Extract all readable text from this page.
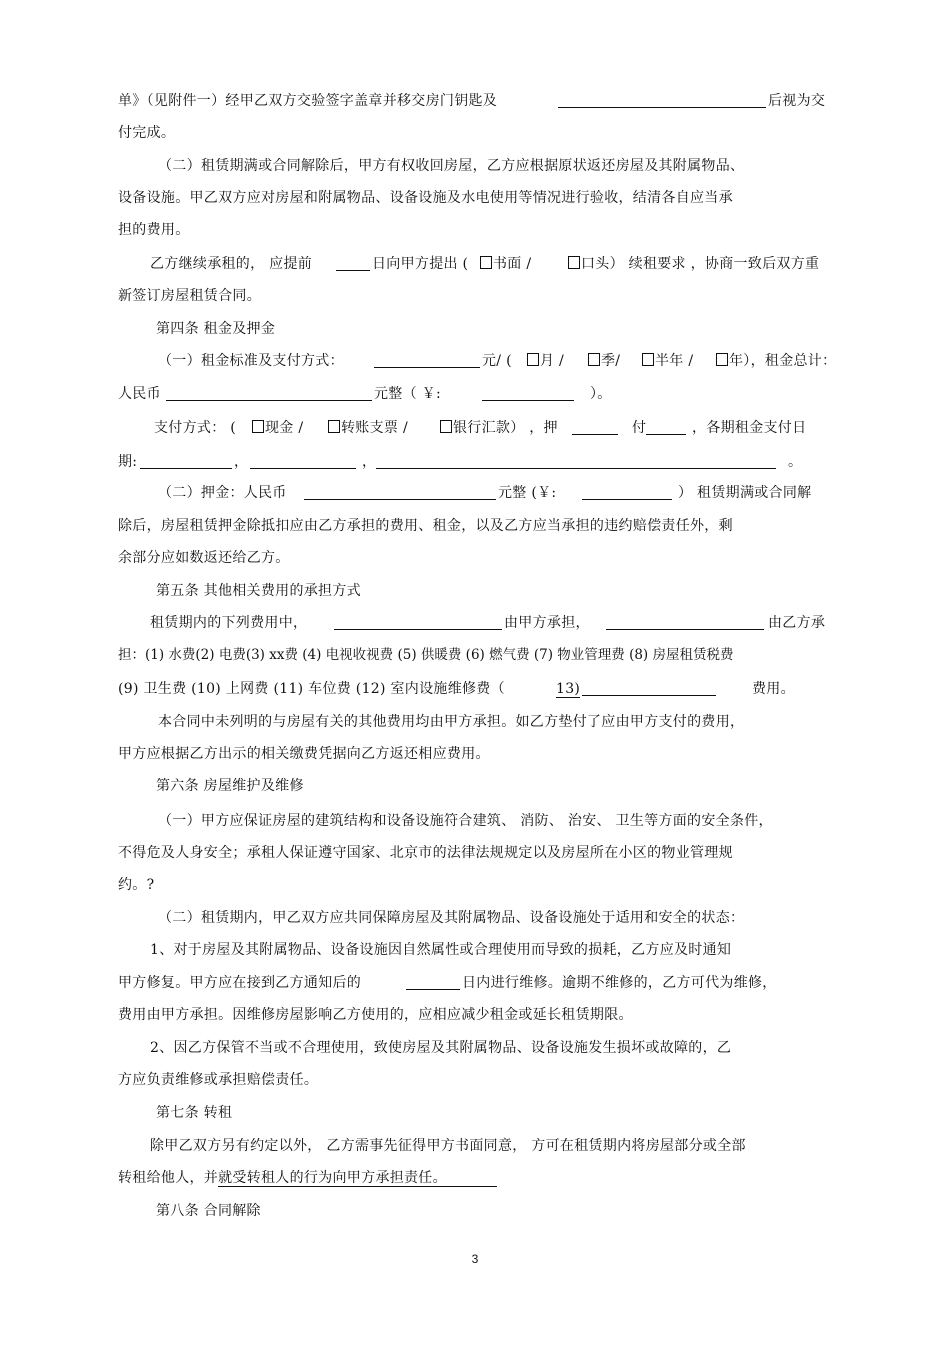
单》（见附件一）经甲乙双方交验签字盖章并移交房门钥匙及	后视为交
付完成。
（二）租赁期满或合同解除后，甲方有权收回房屋，乙方应根据原状返还房屋及其附属物品、
设备设施。甲乙双方应对房屋和附属物品、设备设施及水电使用等情况进行验收，结清各自应当承
担的费用。
乙方继续承租的， 应提前	日向甲方提出 (	书面 /	口头） 续租要求 ，协商一致后双方重
新签订房屋租赁合同。
第四条 租金及押金
（一）租金标准及支付方式：	元/ (	月 /	季/	半年 /	年），租金总计：
人民币	元整（ ￥:	）。
支付方式： (	现金 /	转账支票 /	银行汇款） ，押	付	，各期租金支付日
期:	，	，	。
（二）押金：人民币	元整 (￥:	） 租赁期满或合同解
除后，房屋租赁押金除抵扣应由乙方承担的费用、租金，以及乙方应当承担的违约赔偿责任外，剩
余部分应如数返还给乙方。
第五条 其他相关费用的承担方式
租赁期内的下列费用中，	由甲方承担，	由乙方承
担：(1) 水费(2) 电费(3) xx费 (4) 电视收视费 (5) 供暖费 (6) 燃气费 (7) 物业管理费 (8) 房屋租赁税费
(9) 卫生费 (10) 上网费 (11) 车位费 (12) 室内设施维修费（	13)	费用。
本合同中未列明的与房屋有关的其他费用均由甲方承担。如乙方垫付了应由甲方支付的费用，
甲方应根据乙方出示的相关缴费凭据向乙方返还相应费用。
第六条 房屋维护及维修
（一）甲方应保证房屋的建筑结构和设备设施符合建筑、 消防、 治安、 卫生等方面的安全条件，
不得危及人身安全；承租人保证遵守国家、北京市的法律法规规定以及房屋所在小区的物业管理规
约。?
（二）租赁期内，甲乙双方应共同保障房屋及其附属物品、设备设施处于适用和安全的状态：
1、对于房屋及其附属物品、设备设施因自然属性或合理使用而导致的损耗，乙方应及时通知
甲方修复。甲方应在接到乙方通知后的	日内进行维修。逾期不维修的，乙方可代为维修，
费用由甲方承担。因维修房屋影响乙方使用的，应相应减少租金或延长租赁期限。
2、因乙方保管不当或不合理使用，致使房屋及其附属物品、设备设施发生损坏或故障的，乙
方应负责维修或承担赔偿责任。
第七条 转租
除甲乙双方另有约定以外， 乙方需事先征得甲方书面同意， 方可在租赁期内将房屋部分或全部
转租给他人，并就受转租人的行为向甲方承担责任。
第八条 合同解除
3
